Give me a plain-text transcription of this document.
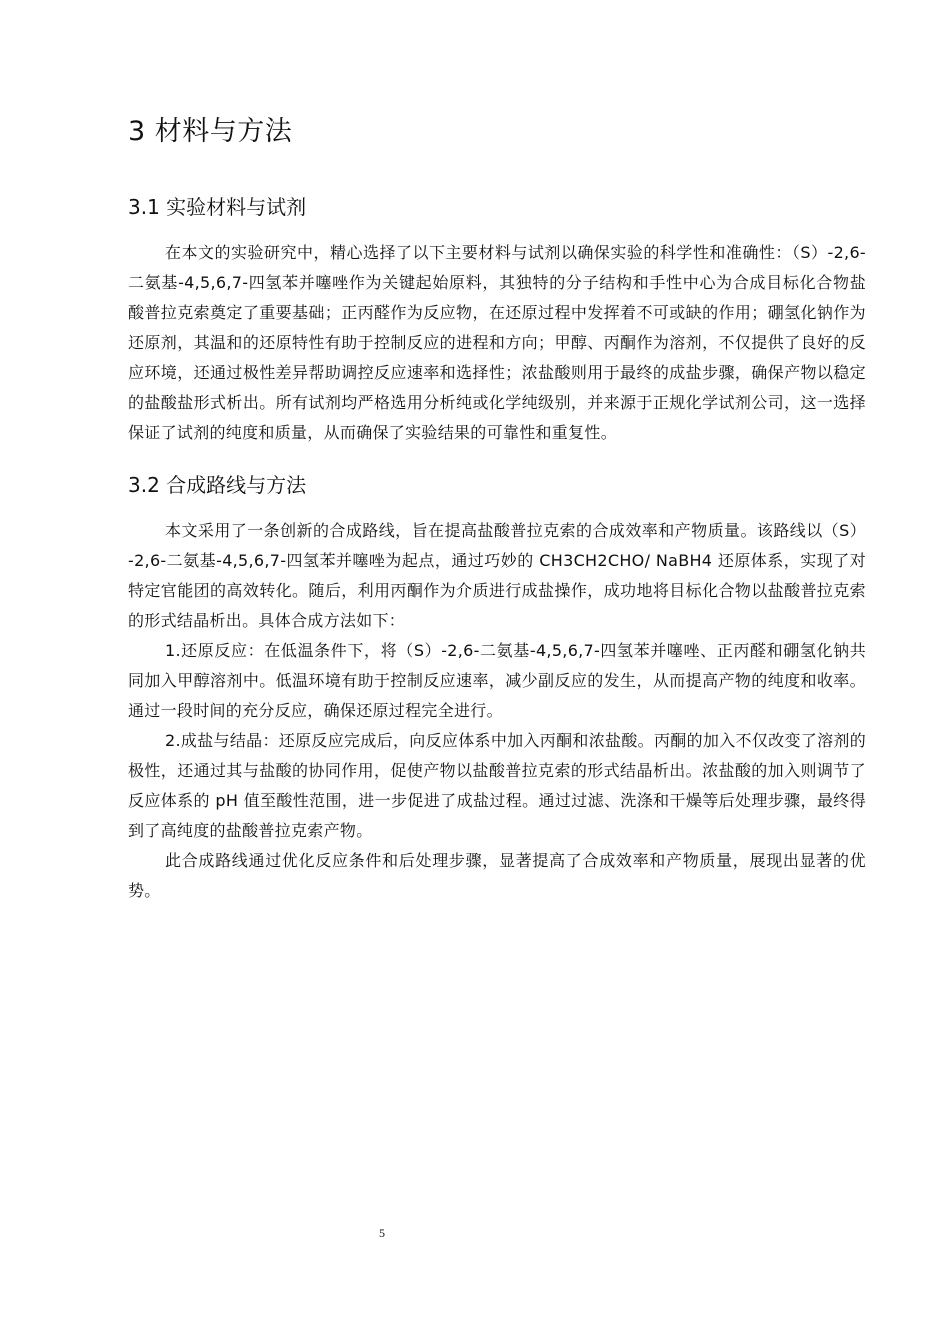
3 材料与方法
3.1 实验材料与试剂

在本文的实验研究中，精心选择了以下主要材料与试剂以确保实验的科学性和准确性：（S）-2,6-二氨基-4,5,6,7-四氢苯并噻唑作为关键起始原料，其独特的分子结构和手性中心为合成目标化合物盐酸普拉克索奠定了重要基础；正丙醛作为反应物，在还原过程中发挥着不可或缺的作用；硼氢化钠作为还原剂，其温和的还原特性有助于控制反应的进程和方向；甲醇、丙酮作为溶剂，不仅提供了良好的反应环境，还通过极性差异帮助调控反应速率和选择性；浓盐酸则用于最终的成盐步骤，确保产物以稳定的盐酸盐形式析出。所有试剂均严格选用分析纯或化学纯级别，并来源于正规化学试剂公司，这一选择保证了试剂的纯度和质量，从而确保了实验结果的可靠性和重复性。

3.2 合成路线与方法

本文采用了一条创新的合成路线，旨在提高盐酸普拉克索的合成效率和产物质量。该路线以（S）-2,6-二氨基-4,5,6,7-四氢苯并噻唑为起点，通过巧妙的 CH3CH2CHO/ NaBH4 还原体系，实现了对特定官能团的高效转化。随后，利用丙酮作为介质进行成盐操作，成功地将目标化合物以盐酸普拉克索的形式结晶析出。具体合成方法如下：

1.还原反应：在低温条件下，将（S）-2,6-二氨基-4,5,6,7-四氢苯并噻唑、正丙醛和硼氢化钠共同加入甲醇溶剂中。低温环境有助于控制反应速率，减少副反应的发生，从而提高产物的纯度和收率。通过一段时间的充分反应，确保还原过程完全进行。

2.成盐与结晶：还原反应完成后，向反应体系中加入丙酮和浓盐酸。丙酮的加入不仅改变了溶剂的极性，还通过其与盐酸的协同作用，促使产物以盐酸普拉克索的形式结晶析出。浓盐酸的加入则调节了反应体系的 pH 值至酸性范围，进一步促进了成盐过程。通过过滤、洗涤和干燥等后处理步骤，最终得到了高纯度的盐酸普拉克索产物。

此合成路线通过优化反应条件和后处理步骤，显著提高了合成效率和产物质量，展现出显著的优势。

5
